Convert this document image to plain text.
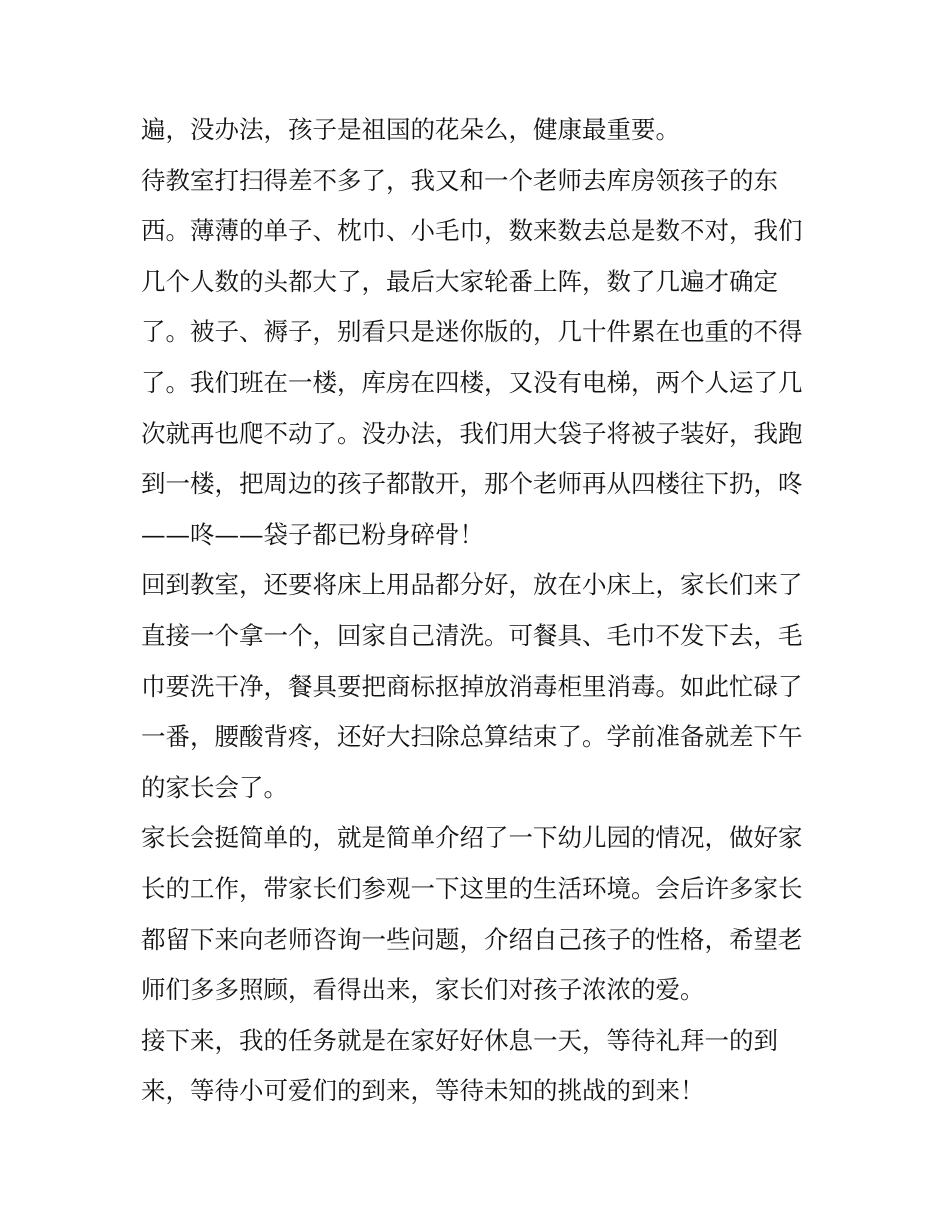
遍，没办法，孩子是祖国的花朵么，健康最重要。
待教室打扫得差不多了，我又和一个老师去库房领孩子的东
西。薄薄的单子、枕巾、小毛巾，数来数去总是数不对，我们
几个人数的头都大了，最后大家轮番上阵，数了几遍才确定
了。被子、褥子，别看只是迷你版的，几十件累在也重的不得
了。我们班在一楼，库房在四楼，又没有电梯，两个人运了几
次就再也爬不动了。没办法，我们用大袋子将被子装好，我跑
到一楼，把周边的孩子都散开，那个老师再从四楼往下扔，咚
——咚——袋子都已粉身碎骨！
回到教室，还要将床上用品都分好，放在小床上，家长们来了
直接一个拿一个，回家自己清洗。可餐具、毛巾不发下去，毛
巾要洗干净，餐具要把商标抠掉放消毒柜里消毒。如此忙碌了
一番，腰酸背疼，还好大扫除总算结束了。学前准备就差下午
的家长会了。
家长会挺简单的，就是简单介绍了一下幼儿园的情况，做好家
长的工作，带家长们参观一下这里的生活环境。会后许多家长
都留下来向老师咨询一些问题，介绍自己孩子的性格，希望老
师们多多照顾，看得出来，家长们对孩子浓浓的爱。
接下来，我的任务就是在家好好休息一天，等待礼拜一的到
来，等待小可爱们的到来，等待未知的挑战的到来！
